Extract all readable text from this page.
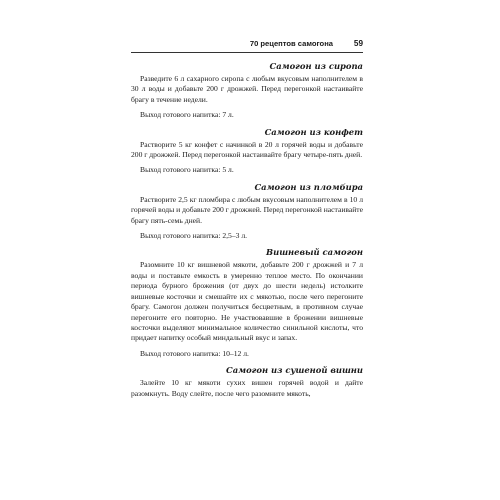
70 рецептов самогона	59
Самогон из сиропа

Разведите 6 л сахарного сиропа с любым вкусовым наполнителем в 30 л воды и добавьте 200 г дрожжей. Перед перегонкой настаивайте брагу в течение недели.

Выход готового напитка: 7 л.

Самогон из конфет

Растворите 5 кг конфет с начинкой в 20 л горячей воды и добавьте 200 г дрожжей. Перед перегонкой настаивайте брагу четыре-пять дней.

Выход готового напитка: 5 л.

Самогон из пломбира

Растворите 2,5 кг пломбира с любым вкусовым наполнителем в 10 л горячей воды и добавьте 200 г дрожжей. Перед перегонкой настаивайте брагу пять-семь дней.

Выход готового напитка: 2,5–3 л.

Вишневый самогон

Разомните 10 кг вишневой мякоти, добавьте 200 г дрожжей и 7 л воды и поставьте емкость в умеренно теплое место. По окончании периода бурного брожения (от двух до шести недель) истолките вишневые косточки и смешайте их с мякотью, после чего перегоните брагу. Самогон должен получиться бесцветным, в противном случае перегоните его повторно. Не участвовавшие в брожении вишневые косточки выделяют минимальное количество синильной кислоты, что придает напитку особый миндальный вкус и запах.

Выход готового напитка: 10–12 л.

Самогон из сушеной вишни

Залейте 10 кг мякоти сухих вишен горячей водой и дайте разомкнуть. Воду слейте, после чего разомните мякоть,
